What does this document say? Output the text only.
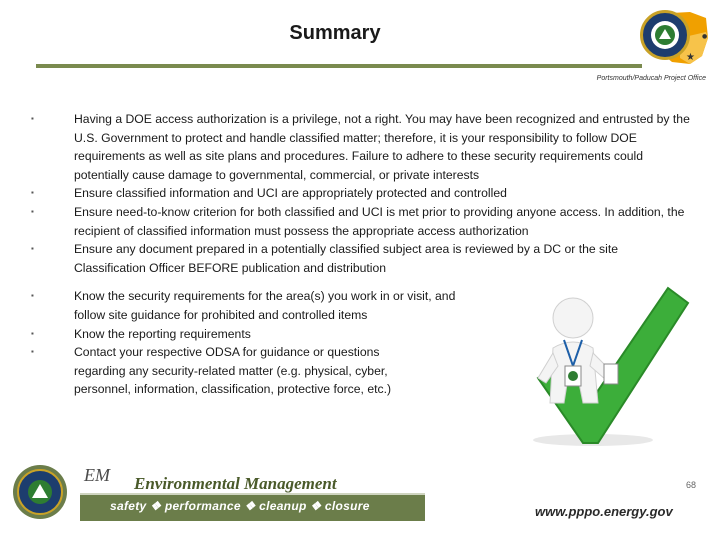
Summary
★
●
Portsmouth/Paducah Project Office

▪	Having a DOE access authorization is a privilege, not a right. You may have been recognized and entrusted by the U.S. Government to protect and handle classified matter; therefore, it is your responsibility to follow DOE requirements as well as site plans and procedures. Failure to adhere to these security requirements could potentially cause damage to governmental, commercial, or private interests

▪	Ensure classified information and UCI are appropriately protected and controlled

▪	Ensure need-to-know criterion for both classified and UCI is met prior to providing anyone access. In addition, the recipient of classified information must possess the appropriate access authorization

▪	Ensure any document prepared in a potentially classified subject area is reviewed by a DC or the site Classification Officer BEFORE publication and distribution

▪	Know the security requirements for the area(s) you work in or visit, and follow site guidance for prohibited and controlled items

▪	Know the reporting requirements

▪	Contact your respective ODSA for guidance or questions regarding any security-related matter (e.g. physical, cyber, personnel, information, classification, protective force, etc.)

EM Environmental Management
safety ❖ performance ❖ cleanup ❖ closure
68
www.pppo.energy.gov
